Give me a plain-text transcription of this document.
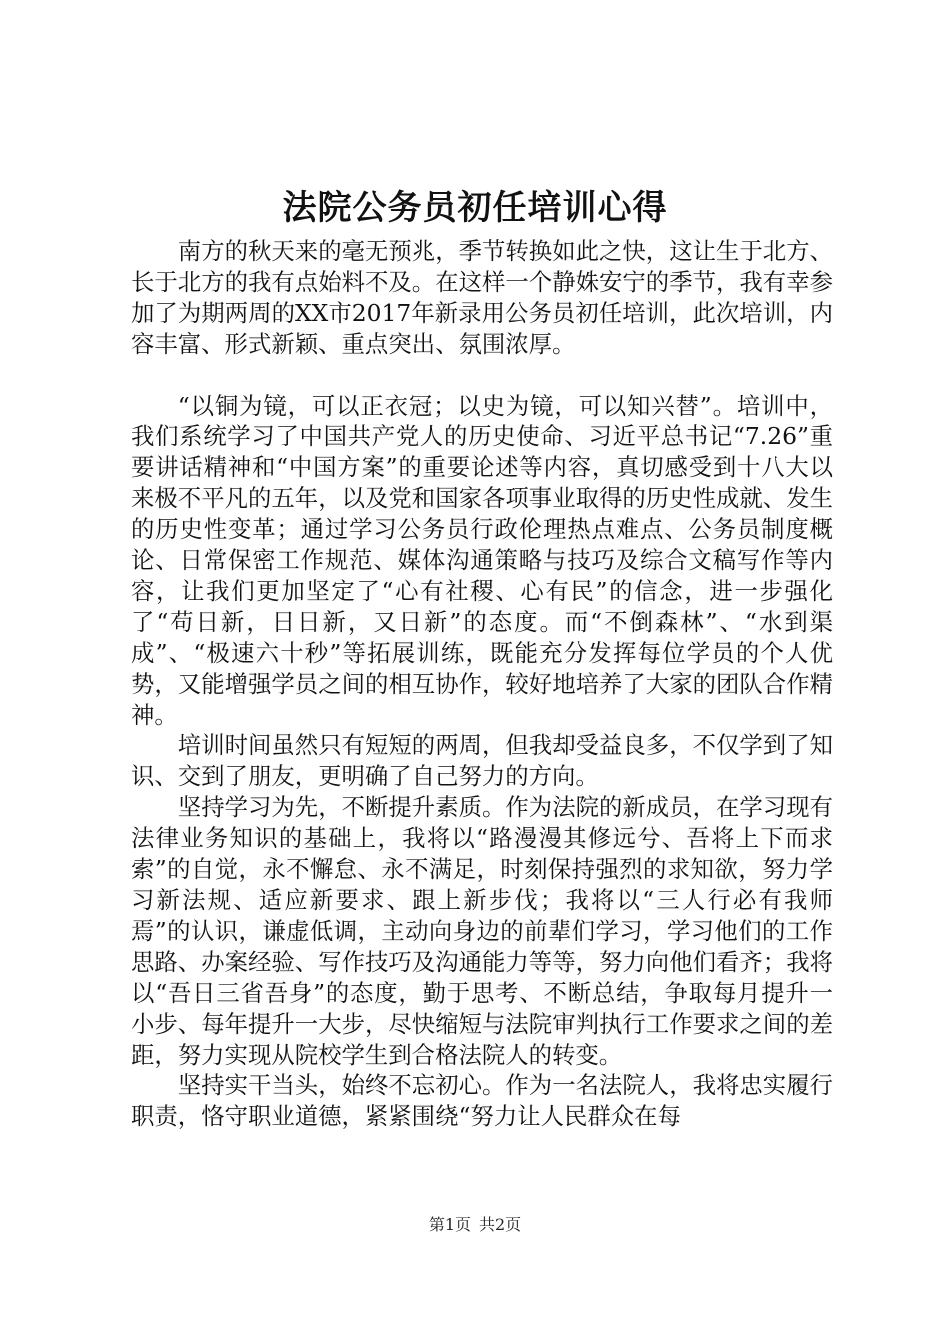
法院公务员初任培训心得

南方的秋天来的毫无预兆，季节转换如此之快，这让生于北方、长于北方的我有点始料不及。在这样一个静姝安宁的季节，我有幸参加了为期两周的XX市2017年新录用公务员初任培训，此次培训，内容丰富、形式新颖、重点突出、氛围浓厚。

“以铜为镜，可以正衣冠；以史为镜，可以知兴替”。培训中，我们系统学习了中国共产党人的历史使命、习近平总书记“7.26”重要讲话精神和“中国方案”的重要论述等内容，真切感受到十八大以来极不平凡的五年，以及党和国家各项事业取得的历史性成就、发生的历史性变革；通过学习公务员行政伦理热点难点、公务员制度概论、日常保密工作规范、媒体沟通策略与技巧及综合文稿写作等内容，让我们更加坚定了“心有社稷、心有民”的信念，进一步强化了“苟日新，日日新，又日新”的态度。而“不倒森林”、“水到渠成”、“极速六十秒”等拓展训练，既能充分发挥每位学员的个人优势，又能增强学员之间的相互协作，较好地培养了大家的团队合作精神。

培训时间虽然只有短短的两周，但我却受益良多，不仅学到了知识、交到了朋友，更明确了自己努力的方向。

坚持学习为先，不断提升素质。作为法院的新成员，在学习现有法律业务知识的基础上，我将以“路漫漫其修远兮、吾将上下而求索”的自觉，永不懈怠、永不满足，时刻保持强烈的求知欲，努力学习新法规、适应新要求、跟上新步伐；我将以“三人行必有我师焉”的认识，谦虚低调，主动向身边的前辈们学习，学习他们的工作思路、办案经验、写作技巧及沟通能力等等，努力向他们看齐；我将以“吾日三省吾身”的态度，勤于思考、不断总结，争取每月提升一小步、每年提升一大步，尽快缩短与法院审判执行工作要求之间的差距，努力实现从院校学生到合格法院人的转变。

坚持实干当头，始终不忘初心。作为一名法院人，我将忠实履行职责，恪守职业道德，紧紧围绕“努力让人民群众在每

第1页 共2页
